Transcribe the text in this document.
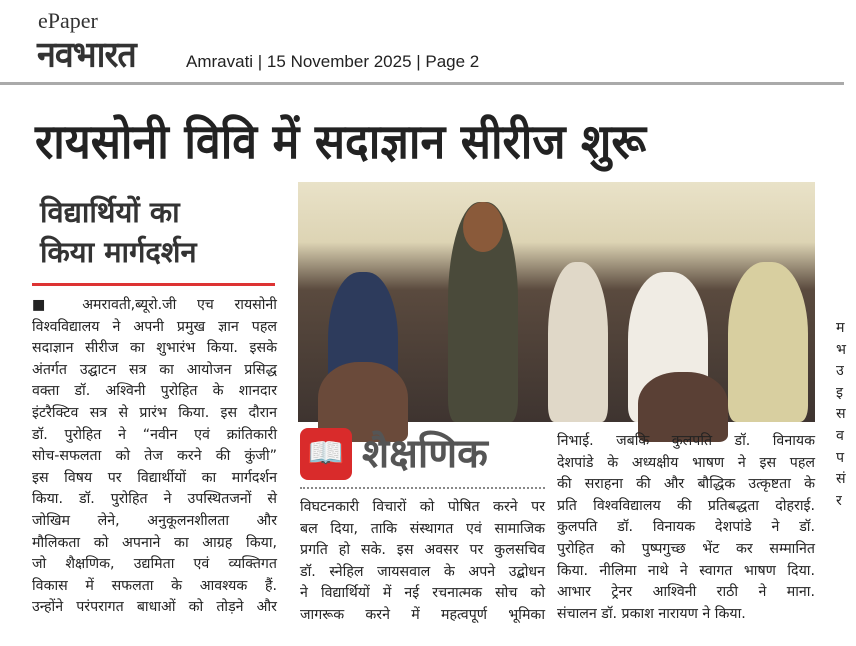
ePaper
नवभारत	Amravati | 15 November 2025 | Page 2
रायसोनी विवि में सदाज्ञान सीरीज शुरू
विद्यार्थियों का
किया मार्गदर्शन
📖 शैक्षणिक
■ अमरावती,ब्यूरो.जी एच रायसोनी
विश्वविद्यालय ने अपनी प्रमुख ज्ञान पहल
सदाज्ञान सीरीज का शुभारंभ किया. इसके
अंतर्गत उद्घाटन सत्र का आयोजन प्रसिद्ध
वक्ता डॉ. अश्विनी पुरोहित के शानदार
इंटरैक्टिव सत्र से प्रारंभ किया. इस दौरान
डॉ. पुरोहित ने “नवीन एवं क्रांतिकारी
सोच-सफलता को तेज करने की कुंजी”
इस विषय पर विद्यार्थीयों का मार्गदर्शन
किया. डॉ. पुरोहित ने उपस्थितजनों से
जोखिम लेने, अनुकूलनशीलता और
मौलिकता को अपनाने का आग्रह किया,
जो शैक्षणिक, उद्यमिता एवं व्यक्तिगत
विकास में सफलता के आवश्यक हैं.
उन्होंने परंपरागत बाधाओं को तोड़ने और
विघटनकारी विचारों को पोषित करने पर
बल दिया, ताकि संस्थागत एवं सामाजिक
प्रगति हो सके. इस अवसर पर कुलसचिव
डॉ. स्नेहिल जायसवाल के अपने उद्बोधन
ने विद्यार्थियों में नई रचनात्मक सोच को
जागरूक करने में महत्वपूर्ण भूमिका
निभाई. जबकि कुलपति डॉ. विनायक
देशपांडे के अध्यक्षीय भाषण ने इस पहल
की सराहना की और बौद्धिक उत्कृष्टता के
प्रति विश्वविद्यालय की प्रतिबद्धता दोहराई.
कुलपति डॉ. विनायक देशपांडे ने डॉ.
पुरोहित को पुष्पगुच्छ भेंट कर सम्मानित
किया. नीलिमा नाथे ने स्वागत भाषण दिया.
आभार ट्रेनर आश्विनी राठी ने माना.
संचालन डॉ. प्रकाश नारायण ने किया.
म
भ
उ
इ
स
व
प
सं
र
